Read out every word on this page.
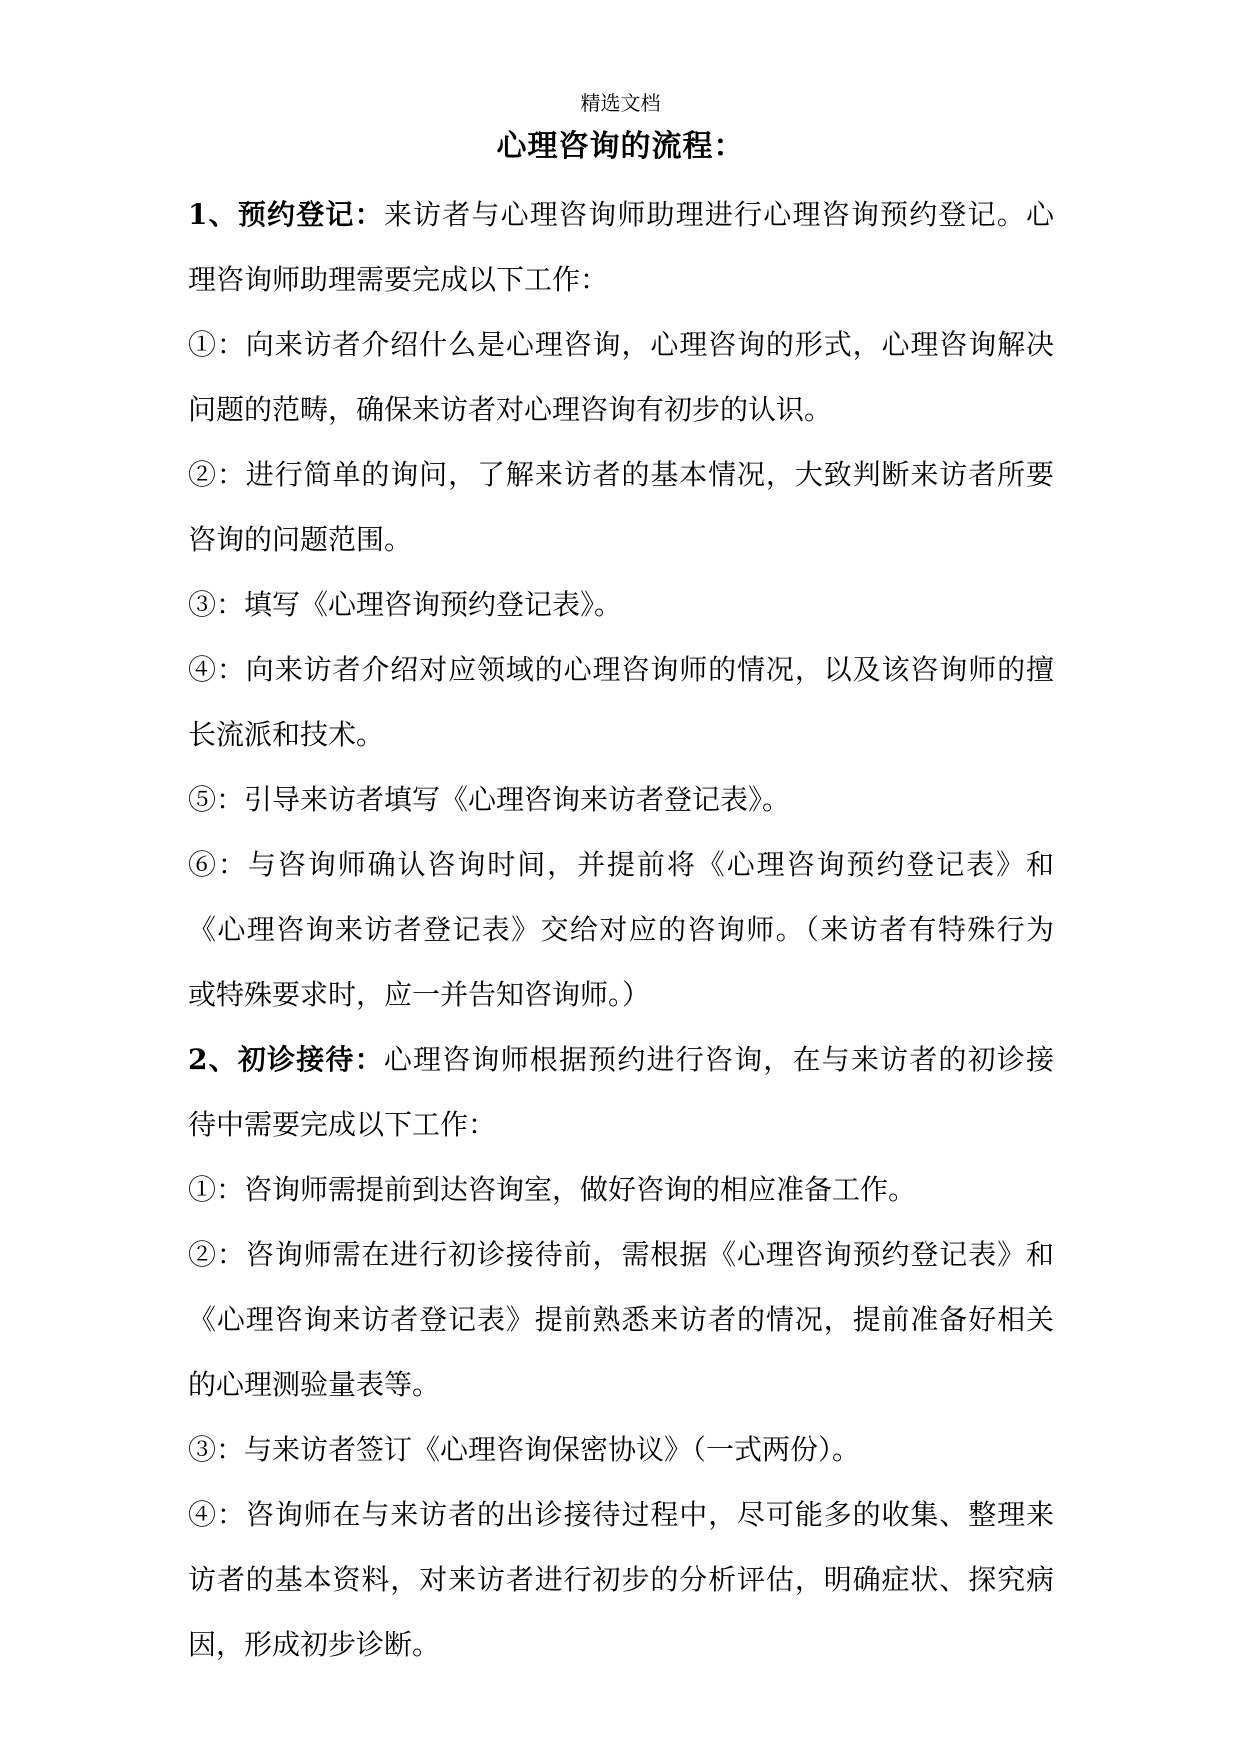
精选文档
心理咨询的流程：
1、预约登记：来访者与心理咨询师助理进行心理咨询预约登记。心
理咨询师助理需要完成以下工作：
①：向来访者介绍什么是心理咨询，心理咨询的形式，心理咨询解决
问题的范畴，确保来访者对心理咨询有初步的认识。
②：进行简单的询问，了解来访者的基本情况，大致判断来访者所要
咨询的问题范围。
③：填写《心理咨询预约登记表》。
④：向来访者介绍对应领域的心理咨询师的情况，以及该咨询师的擅
长流派和技术。
⑤：引导来访者填写《心理咨询来访者登记表》。
⑥：与咨询师确认咨询时间，并提前将《心理咨询预约登记表》和
《心理咨询来访者登记表》交给对应的咨询师。（来访者有特殊行为
或特殊要求时，应一并告知咨询师。）
2、初诊接待：心理咨询师根据预约进行咨询，在与来访者的初诊接
待中需要完成以下工作：
①：咨询师需提前到达咨询室，做好咨询的相应准备工作。
②：咨询师需在进行初诊接待前，需根据《心理咨询预约登记表》和
《心理咨询来访者登记表》提前熟悉来访者的情况，提前准备好相关
的心理测验量表等。
③：与来访者签订《心理咨询保密协议》（一式两份）。
④：咨询师在与来访者的出诊接待过程中，尽可能多的收集、整理来
访者的基本资料，对来访者进行初步的分析评估，明确症状、探究病
因，形成初步诊断。
